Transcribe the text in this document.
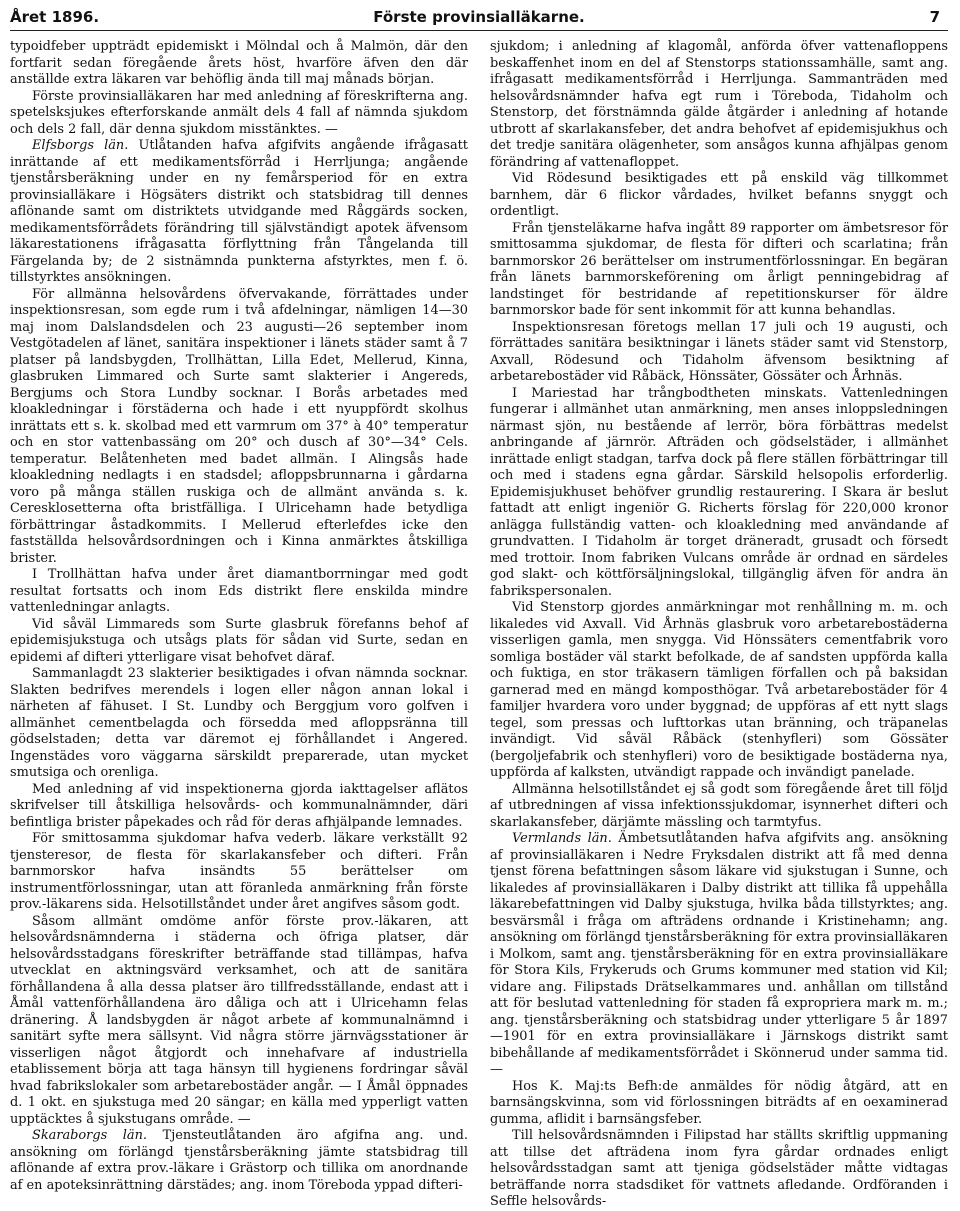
Året 1896.	Förste provinsialläkarne.	7

typoidfeber uppträdt epidemiskt i Mölndal och å Malmön, där den fortfarit sedan föregående årets höst, hvarföre äfven den där anställde extra läkaren var behöflig ända till maj månads början.

Förste provinsialläkaren har med anledning af föreskrifterna ang. spetelsksjukes efterforskande anmält dels 4 fall af nämnda sjukdom och dels 2 fall, där denna sjukdom misstänktes. —

Elfsborgs län. Utlåtanden hafva afgifvits angående ifrågasatt inrättande af ett medikamentsförråd i Herrljunga; angående tjenstårsberäkning under en ny femårsperiod för en extra provinsialläkare i Högsäters distrikt och statsbidrag till dennes aflönande samt om distriktets utvidgande med Råggärds socken, medikamentsförrådets förändring till självständigt apotek äfvensom läkarestationens ifrågasatta förflyttning från Tångelanda till Färgelanda by; de 2 sistnämnda punkterna afstyrktes, men f. ö. tillstyrktes ansökningen.

För allmänna helsovårdens öfvervakande, förrättades under inspektionsresan, som egde rum i två afdelningar, nämligen 14—30 maj inom Dalslandsdelen och 23 augusti—26 september inom Vestgötadelen af länet, sanitära inspektioner i länets städer samt å 7 platser på landsbygden, Trollhättan, Lilla Edet, Mellerud, Kinna, glasbruken Limmared och Surte samt slakterier i Angereds, Bergjums och Stora Lundby socknar. I Borås arbetades med kloakledningar i förstäderna och hade i ett nyuppfördt skolhus inrättats ett s. k. skolbad med ett varmrum om 37° à 40° temperatur och en stor vattenbassäng om 20° och dusch af 30°—34° Cels. temperatur. Belåtenheten med badet allmän. I Alingsås hade kloakledning nedlagts i en stadsdel; afloppsbrunnarna i gårdarna voro på många ställen ruskiga och de allmänt använda s. k. Ceresklosetterna ofta bristfälliga. I Ulricehamn hade betydliga förbättringar åstadkommits. I Mellerud efterlefdes icke den fastställda helsovårdsordningen och i Kinna anmärktes åtskilliga brister.

I Trollhättan hafva under året diamantborrningar med godt resultat fortsatts och inom Eds distrikt flere enskilda mindre vattenledningar anlagts.

Vid såväl Limmareds som Surte glasbruk förefanns behof af epidemisjukstuga och utsågs plats för sådan vid Surte, sedan en epidemi af difteri ytterligare visat behofvet däraf.

Sammanlagdt 23 slakterier besiktigades i ofvan nämnda socknar. Slakten bedrifves merendels i logen eller någon annan lokal i närheten af fähuset. I St. Lundby och Berggjum voro golfven i allmänhet cementbelagda och försedda med afloppsränna till gödselstaden; detta var däremot ej förhållandet i Angered. Ingenstädes voro väggarna särskildt preparerade, utan mycket smutsiga och orenliga.

Med anledning af vid inspektionerna gjorda iakttagelser aflätos skrifvelser till åtskilliga helsovårds- och kommunalnämnder, däri befintliga brister påpekades och råd för deras afhjälpande lemnades.

För smittosamma sjukdomar hafva vederb. läkare verkställt 92 tjensteresor, de flesta för skarlakansfeber och difteri. Från barnmorskor hafva insändts 55 berättelser om instrumentförlossningar, utan att föranleda anmärkning från förste prov.-läkarens sida. Helsotillståndet under året angifves såsom godt.

Såsom allmänt omdöme anför förste prov.-läkaren, att helsovårdsnämnderna i städerna och öfriga platser, där helsovårdsstadgans föreskrifter beträffande stad tillämpas, hafva utvecklat en aktningsvärd verksamhet, och att de sanitära förhållandena å alla dessa platser äro tillfredsställande, endast att i Åmål vattenförhållandena äro dåliga och att i Ulricehamn felas dränering. Å landsbygden är något arbete af kommunalnämnd i sanitärt syfte mera sällsynt. Vid några större järnvägsstationer är visserligen något åtgjordt och innehafvare af industriella etablissement börja att taga hänsyn till hygienens fordringar såväl hvad fabrikslokaler som arbetarebostäder angår. — I Åmål öppnades d. 1 okt. en sjukstuga med 20 sängar; en källa med ypperligt vatten upptäcktes å sjukstugans område. —

Skaraborgs län. Tjensteutlåtanden äro afgifna ang. und. ansökning om förlängd tjenstårsberäkning jämte statsbidrag till aflönande af extra prov.-läkare i Grästorp och tillika om anordnande af en apoteksinrättning därstädes; ang. inom Töreboda yppad difteri-

sjukdom; i anledning af klagomål, anförda öfver vattenafloppens beskaffenhet inom en del af Stenstorps stationssamhälle, samt ang. ifrågasatt medikamentsförråd i Herrljunga. Sammanträden med helsovårdsnämnder hafva egt rum i Töreboda, Tidaholm och Stenstorp, det förstnämnda gälde åtgärder i anledning af hotande utbrott af skarlakansfeber, det andra behofvet af epidemisjukhus och det tredje sanitära olägenheter, som ansågos kunna afhjälpas genom förändring af vattenafloppet.

Vid Rödesund besiktigades ett på enskild väg tillkommet barnhem, där 6 flickor vårdades, hvilket befanns snyggt och ordentligt.

Från tjensteläkarne hafva ingått 89 rapporter om ämbetsresor för smittosamma sjukdomar, de flesta för difteri och scarlatina; från barnmorskor 26 berättelser om instrumentförlossningar. En begäran från länets barnmorskeförening om årligt penningebidrag af landstinget för bestridande af repetitionskurser för äldre barnmorskor bade för sent inkommit för att kunna behandlas.

Inspektionsresan företogs mellan 17 juli och 19 augusti, och förrättades sanitära besiktningar i länets städer samt vid Stenstorp, Axvall, Rödesund och Tidaholm äfvensom besiktning af arbetarebostäder vid Råbäck, Hönssäter, Gössäter och Århnäs.

I Mariestad har trångbodtheten minskats. Vattenledningen fungerar i allmänhet utan anmärkning, men anses inloppsledningen närmast sjön, nu bestående af lerrör, böra förbättras medelst anbringande af järnrör. Afträden och gödselstäder, i allmänhet inrättade enligt stadgan, tarfva dock på flere ställen förbättringar till och med i stadens egna gårdar. Särskild helsopolis erforderlig. Epidemisjukhuset behöfver grundlig restaurering. I Skara är beslut fattadt att enligt ingeniör G. Richerts förslag för 220,000 kronor anlägga fullständig vatten- och kloakledning med användande af grundvatten. I Tidaholm är torget dräneradt, grusadt och försedt med trottoir. Inom fabriken Vulcans område är ordnad en särdeles god slakt- och köttförsäljningslokal, tillgänglig äfven för andra än fabrikspersonalen.

Vid Stenstorp gjordes anmärkningar mot renhållning m. m. och likaledes vid Axvall. Vid Århnäs glasbruk voro arbetarebostäderna visserligen gamla, men snygga. Vid Hönssäters cementfabrik voro somliga bostäder väl starkt befolkade, de af sandsten uppförda kalla och fuktiga, en stor träkasern tämligen förfallen och på baksidan garnerad med en mängd komposthögar. Två arbetarebostäder för 4 familjer hvardera voro under byggnad; de uppföras af ett nytt slags tegel, som pressas och lufttorkas utan bränning, och träpanelas invändigt. Vid såväl Råbäck (stenhyfleri) som Gössäter (bergoljefabrik och stenhyfleri) voro de besiktigade bostäderna nya, uppförda af kalksten, utvändigt rappade och invändigt panelade.

Allmänna helsotillståndet ej så godt som föregående året till följd af utbredningen af vissa infektionssjukdomar, isynnerhet difteri och skarlakansfeber, därjämte mässling och tarmtyfus.

Vermlands län. Ämbetsutlåtanden hafva afgifvits ang. ansökning af provinsialläkaren i Nedre Fryksdalen distrikt att få med denna tjenst förena befattningen såsom läkare vid sjukstugan i Sunne, och likaledes af provinsialläkaren i Dalby distrikt att tillika få uppehålla läkarebefattningen vid Dalby sjukstuga, hvilka båda tillstyrktes; ang. besvärsmål i fråga om afträdens ordnande i Kristinehamn; ang. ansökning om förlängd tjenstårsberäkning för extra provinsialläkaren i Molkom, samt ang. tjenstårsberäkning för en extra provinsialläkare för Stora Kils, Frykeruds och Grums kommuner med station vid Kil; vidare ang. Filipstads Drätselkammares und. anhållan om tillstånd att för beslutad vattenledning för staden få expropriera mark m. m.; ang. tjenstårsberäkning och statsbidrag under ytterligare 5 år 1897—1901 för en extra provinsialläkare i Järnskogs distrikt samt bibehållande af medikamentsförrådet i Skönnerud under samma tid. —

Hos K. Maj:ts Befh:de anmäldes för nödig åtgärd, att en barnsängskvinna, som vid förlossningen biträdts af en oexaminerad gumma, aflidit i barnsängsfeber.

Till helsovårdsnämnden i Filipstad har ställts skriftlig uppmaning att tillse det afträdena inom fyra gårdar ordnades enligt helsovårdsstadgan samt att tjeniga gödselstäder måtte vidtagas beträffande norra stadsdiket för vattnets afledande. Ordföranden i Seffle helsovårds-
